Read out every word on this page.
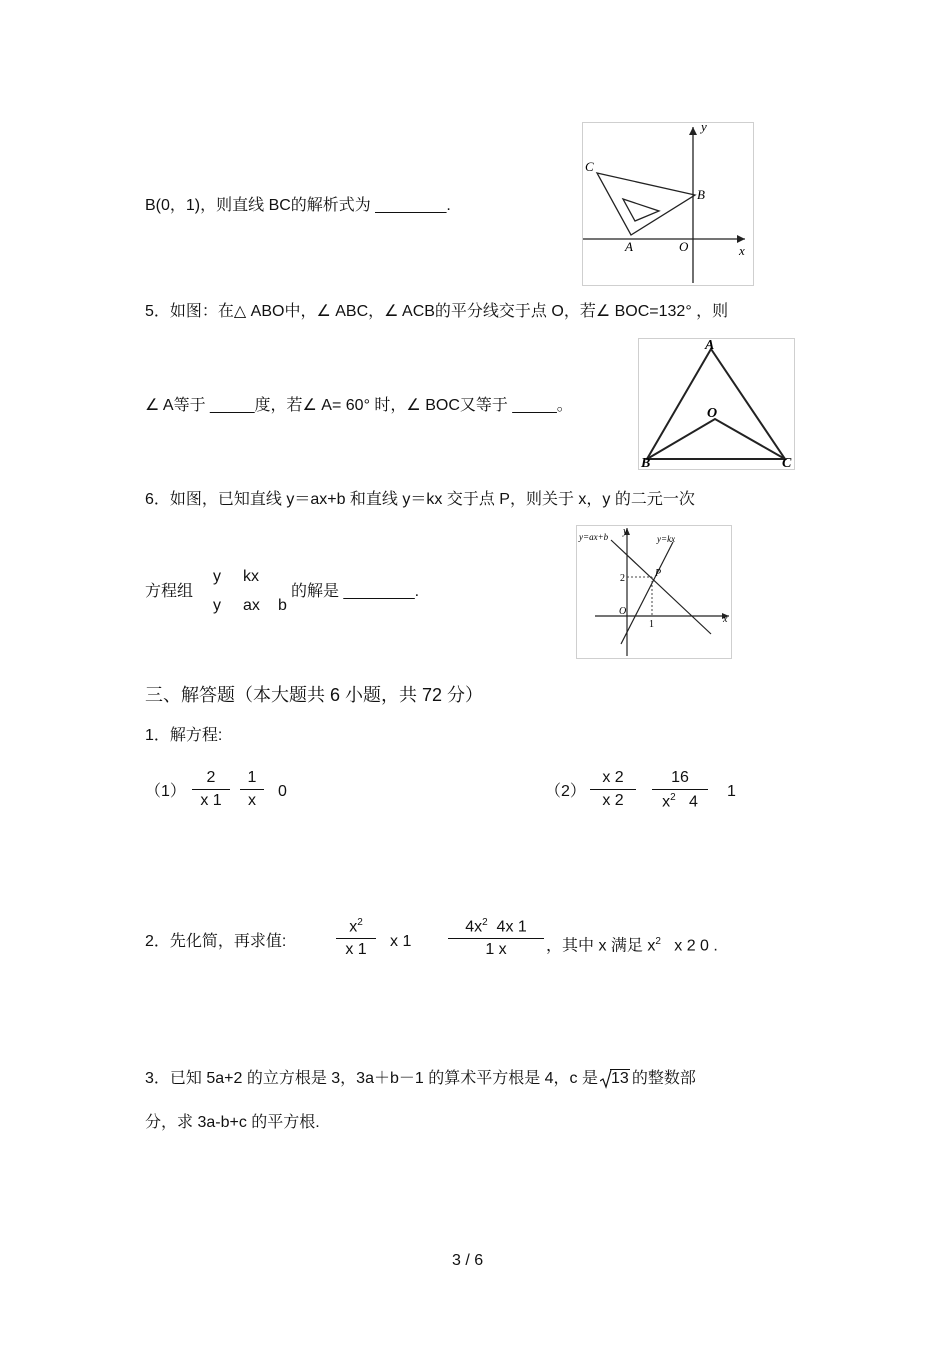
B(0，1)，则直线 BC的解析式为 ________.
C
B
A	O	x
y
5．如图：在△ ABO中，∠ ABC，∠ ACB的平分线交于点 O，若∠ BOC=132° ，则
∠ A等于 _____度，若∠ A= 60° 时，∠ BOC又等于 _____。
A
O
B	C
6．如图，已知直线 y＝ax+b 和直线 y＝kx 交于点 P，则关于 x，y 的二元一次
方程组
y kx
y ax b
的解是 ________.
y=ax+b	y=kx
P
2
1
O
x
y
三、解答题（本大题共 6 小题，共 72 分）
1．解方程:
（1）
2
x 1
1
x
0	（2）
x 2
x 2
16
$x^2$ 4
1
2．先化简，再求值:
$x^2$
x 1	x 1
$4x^2$ 4x 1
1 x	，其中 x 满足 $x^2$ x 2 0 .
3．已知 5a+2 的立方根是 3，3a＋b－1 的算术平方根是 4，c 是 13 的整数部
分，求 3a-b+c 的平方根.
3 / 6
